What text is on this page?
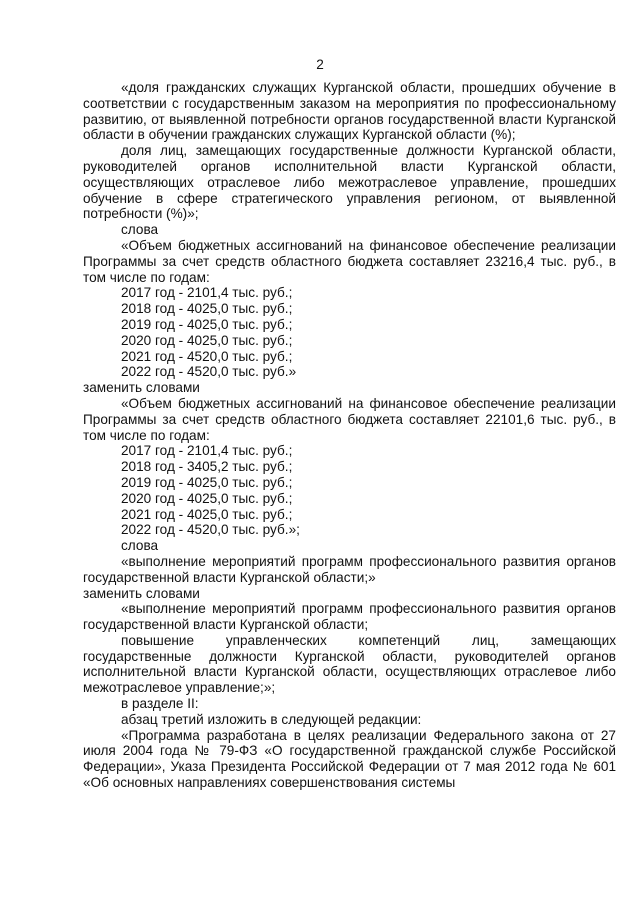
2

«доля гражданских служащих Курганской области, прошедших обучение в соответствии с государственным заказом на мероприятия по профессиональному развитию, от выявленной потребности органов государственной власти Курганской области в обучении гражданских служащих Курганской области (%);

доля лиц, замещающих государственные должности Курганской области, руководителей органов исполнительной власти Курганской области, осуществляющих отраслевое либо межотраслевое управление, прошедших обучение в сфере стратегического управления регионом, от выявленной потребности (%)»;

слова

«Объем бюджетных ассигнований на финансовое обеспечение реализации Программы за счет средств областного бюджета составляет 23216,4 тыс. руб., в том числе по годам:

2017 год - 2101,4 тыс. руб.;
2018 год - 4025,0 тыс. руб.;
2019 год - 4025,0 тыс. руб.;
2020 год - 4025,0 тыс. руб.;
2021 год - 4520,0 тыс. руб.;
2022 год - 4520,0 тыс. руб.»

заменить словами

«Объем бюджетных ассигнований на финансовое обеспечение реализации Программы за счет средств областного бюджета составляет 22101,6 тыс. руб., в том числе по годам:

2017 год - 2101,4 тыс. руб.;
2018 год - 3405,2 тыс. руб.;
2019 год - 4025,0 тыс. руб.;
2020 год - 4025,0 тыс. руб.;
2021 год - 4025,0 тыс. руб.;
2022 год - 4520,0 тыс. руб.»;

слова

«выполнение мероприятий программ профессионального развития органов государственной власти Курганской области;»

заменить словами

«выполнение мероприятий программ профессионального развития органов государственной власти Курганской области;

повышение управленческих компетенций лиц, замещающих государственные должности Курганской области, руководителей органов исполнительной власти Курганской области, осуществляющих отраслевое либо межотраслевое управление;»;

в разделе II:

абзац третий изложить в следующей редакции:

«Программа разработана в целях реализации Федерального закона от 27 июля 2004 года № 79-ФЗ «О государственной гражданской службе Российской Федерации», Указа Президента Российской Федерации от 7 мая 2012 года № 601 «Об основных направлениях совершенствования системы
